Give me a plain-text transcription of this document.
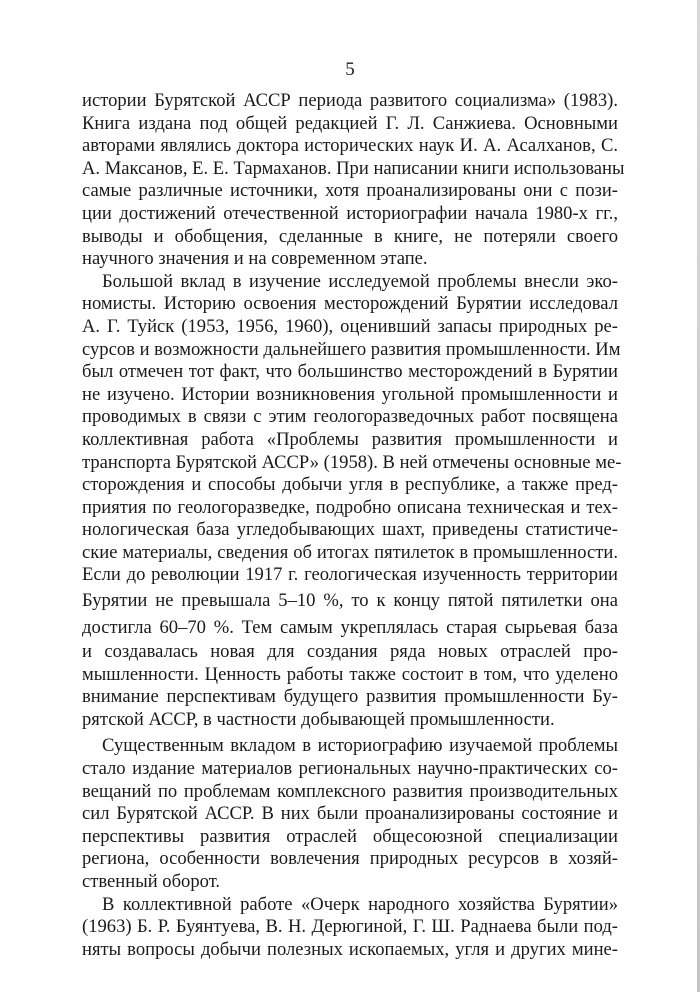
5
истории Бурятской АССР периода развитого социализма» (1983).
Книга издана под общей редакцией Г. Л. Санжиева. Основными
авторами являлись доктора исторических наук И. А. Асалханов, С.
А. Максанов, Е. Е. Тармаханов. При написании книги использованы
самые различные источники, хотя проанализированы они с пози-
ции достижений отечественной историографии начала 1980-х гг.,
выводы и обобщения, сделанные в книге, не потеряли своего
научного значения и на современном этапе.
Большой вклад в изучение исследуемой проблемы внесли эко-
номисты. Историю освоения месторождений Бурятии исследовал
А. Г. Туйск (1953, 1956, 1960), оценивший запасы природных ре-
сурсов и возможности дальнейшего развития промышленности. Им
был отмечен тот факт, что большинство месторождений в Бурятии
не изучено. Истории возникновения угольной промышленности и
проводимых в связи с этим геологоразведочных работ посвящена
коллективная работа «Проблемы развития промышленности и
транспорта Бурятской АССР» (1958). В ней отмечены основные ме-
сторождения и способы добычи угля в республике, а также пред-
приятия по геологоразведке, подробно описана техническая и тех-
нологическая база угледобывающих шахт, приведены статистиче-
ские материалы, сведения об итогах пятилеток в промышленности.
Если до революции 1917 г. геологическая изученность территории
Бурятии не превышала 5–10 %, то к концу пятой пятилетки она
достигла 60–70 %. Тем самым укреплялась старая сырьевая база
и создавалась новая для создания ряда новых отраслей про-
мышленности. Ценность работы также состоит в том, что уделено
внимание перспективам будущего развития промышленности Бу-
рятской АССР, в частности добывающей промышленности.
Существенным вкладом в историографию изучаемой проблемы
стало издание материалов региональных научно-практических со-
вещаний по проблемам комплексного развития производительных
сил Бурятской АССР. В них были проанализированы состояние и
перспективы развития отраслей общесоюзной специализации
региона, особенности вовлечения природных ресурсов в хозяй-
ственный оборот.
В коллективной работе «Очерк народного хозяйства Бурятии»
(1963) Б. Р. Буянтуева, В. Н. Дерюгиной, Г. Ш. Раднаева были под-
няты вопросы добычи полезных ископаемых, угля и других мине-
